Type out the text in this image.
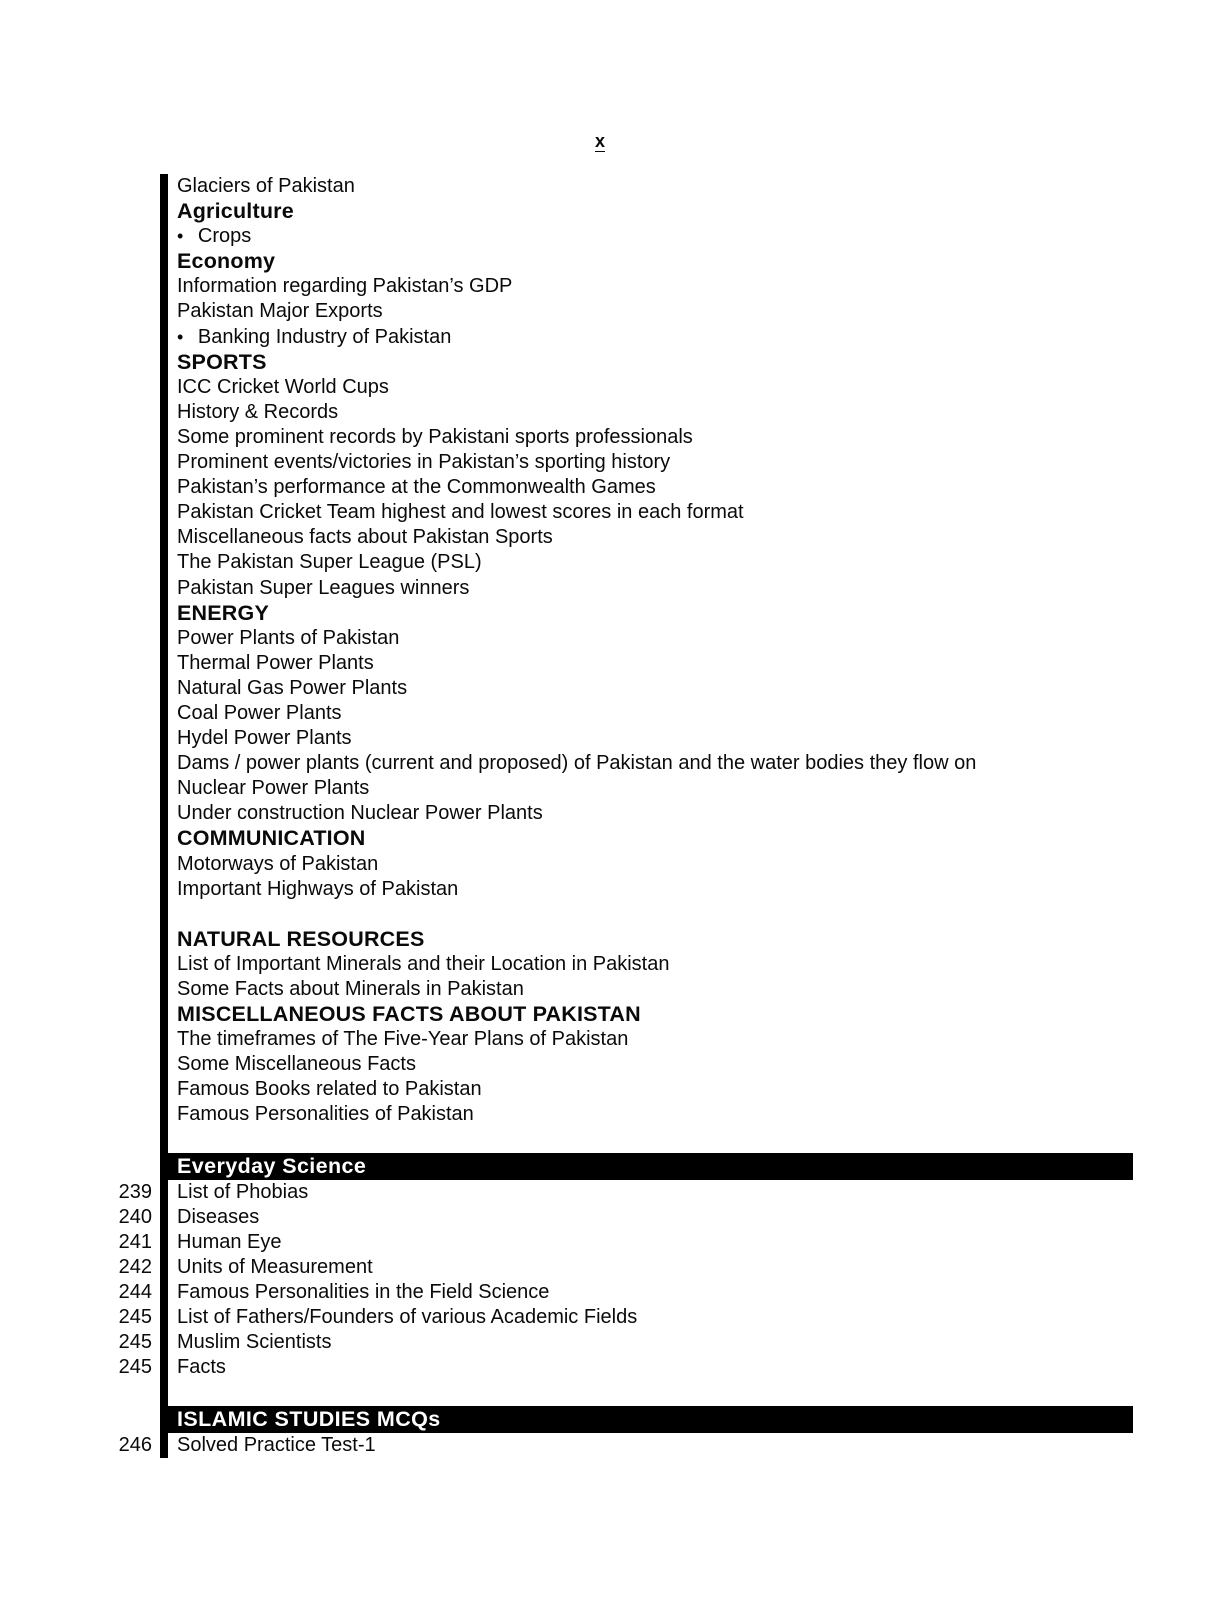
x
Glaciers of Pakistan
Agriculture
• Crops
Economy
Information regarding Pakistan’s GDP
Pakistan Major Exports
• Banking Industry of Pakistan
SPORTS
ICC Cricket World Cups
History & Records
Some prominent records by Pakistani sports professionals
Prominent events/victories in Pakistan’s sporting history
Pakistan’s performance at the Commonwealth Games
Pakistan Cricket Team highest and lowest scores in each format
Miscellaneous facts about Pakistan Sports
The Pakistan Super League (PSL)
Pakistan Super Leagues winners
ENERGY
Power Plants of Pakistan
Thermal Power Plants
Natural Gas Power Plants
Coal Power Plants
Hydel Power Plants
Dams / power plants (current and proposed) of Pakistan and the water bodies they flow on
Nuclear Power Plants
Under construction Nuclear Power Plants
COMMUNICATION
Motorways of Pakistan
Important Highways of Pakistan
NATURAL RESOURCES
List of Important Minerals and their Location in Pakistan
Some Facts about Minerals in Pakistan
MISCELLANEOUS FACTS ABOUT PAKISTAN
The timeframes of The Five-Year Plans of Pakistan
Some Miscellaneous Facts
Famous Books related to Pakistan
Famous Personalities of Pakistan
Everyday Science
239 List of Phobias
240 Diseases
241 Human Eye
242 Units of Measurement
244 Famous Personalities in the Field Science
245 List of Fathers/Founders of various Academic Fields
245 Muslim Scientists
245 Facts
ISLAMIC STUDIES MCQs
246 Solved Practice Test-1
